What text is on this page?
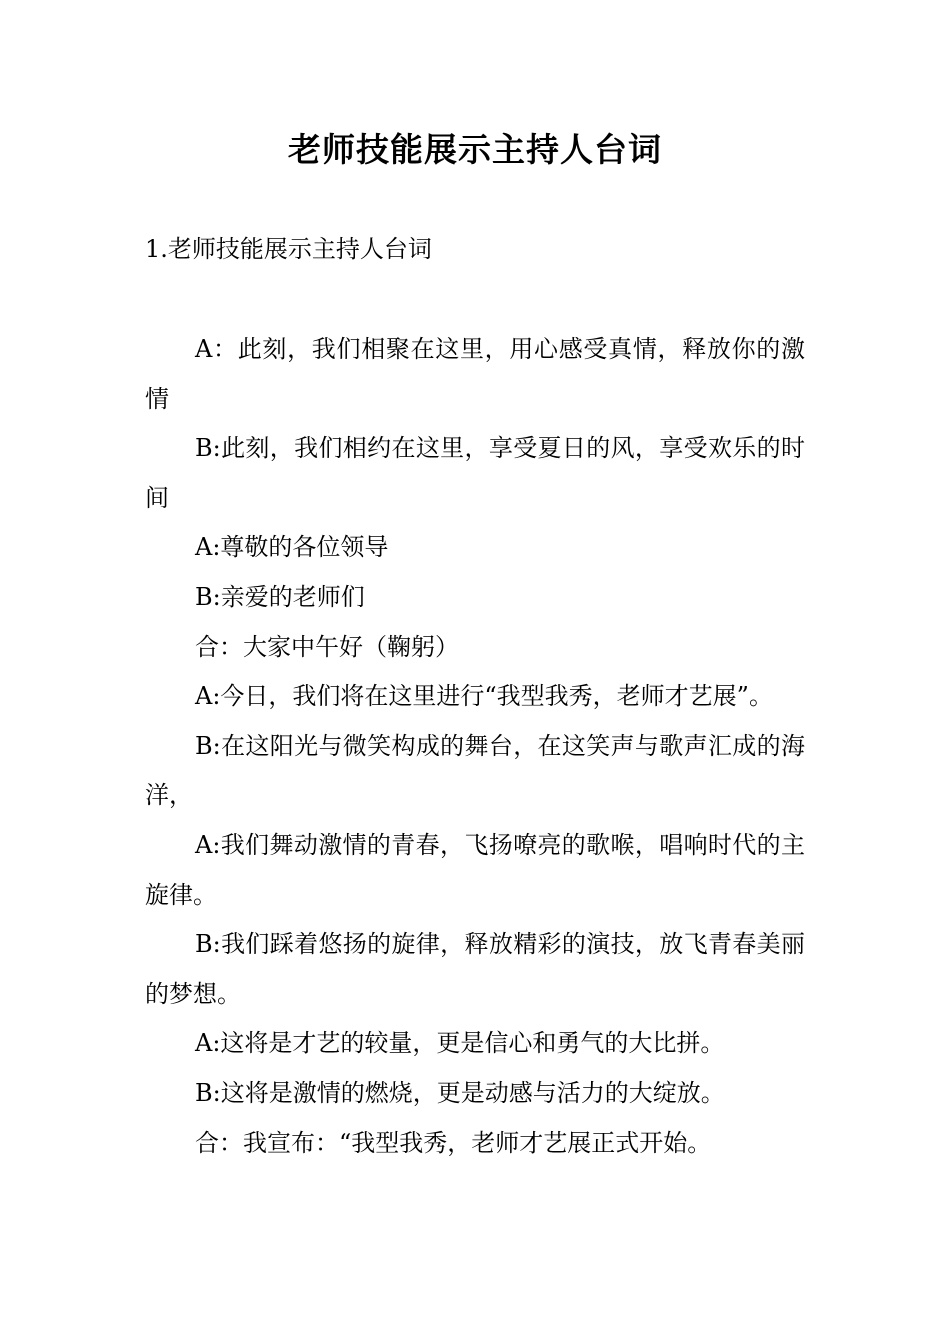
老师技能展示主持人台词
1.老师技能展示主持人台词

A：此刻，我们相聚在这里，用心感受真情，释放你的激情

B:此刻，我们相约在这里，享受夏日的风，享受欢乐的时间

A:尊敬的各位领导

B:亲爱的老师们

合：大家中午好（鞠躬）

A:今日，我们将在这里进行“我型我秀，老师才艺展”。

B:在这阳光与微笑构成的舞台，在这笑声与歌声汇成的海洋，

A:我们舞动激情的青春，飞扬嘹亮的歌喉，唱响时代的主旋律。

B:我们踩着悠扬的旋律，释放精彩的演技，放飞青春美丽的梦想。

A:这将是才艺的较量，更是信心和勇气的大比拼。

B:这将是激情的燃烧，更是动感与活力的大绽放。

合：我宣布：“我型我秀，老师才艺展正式开始。
